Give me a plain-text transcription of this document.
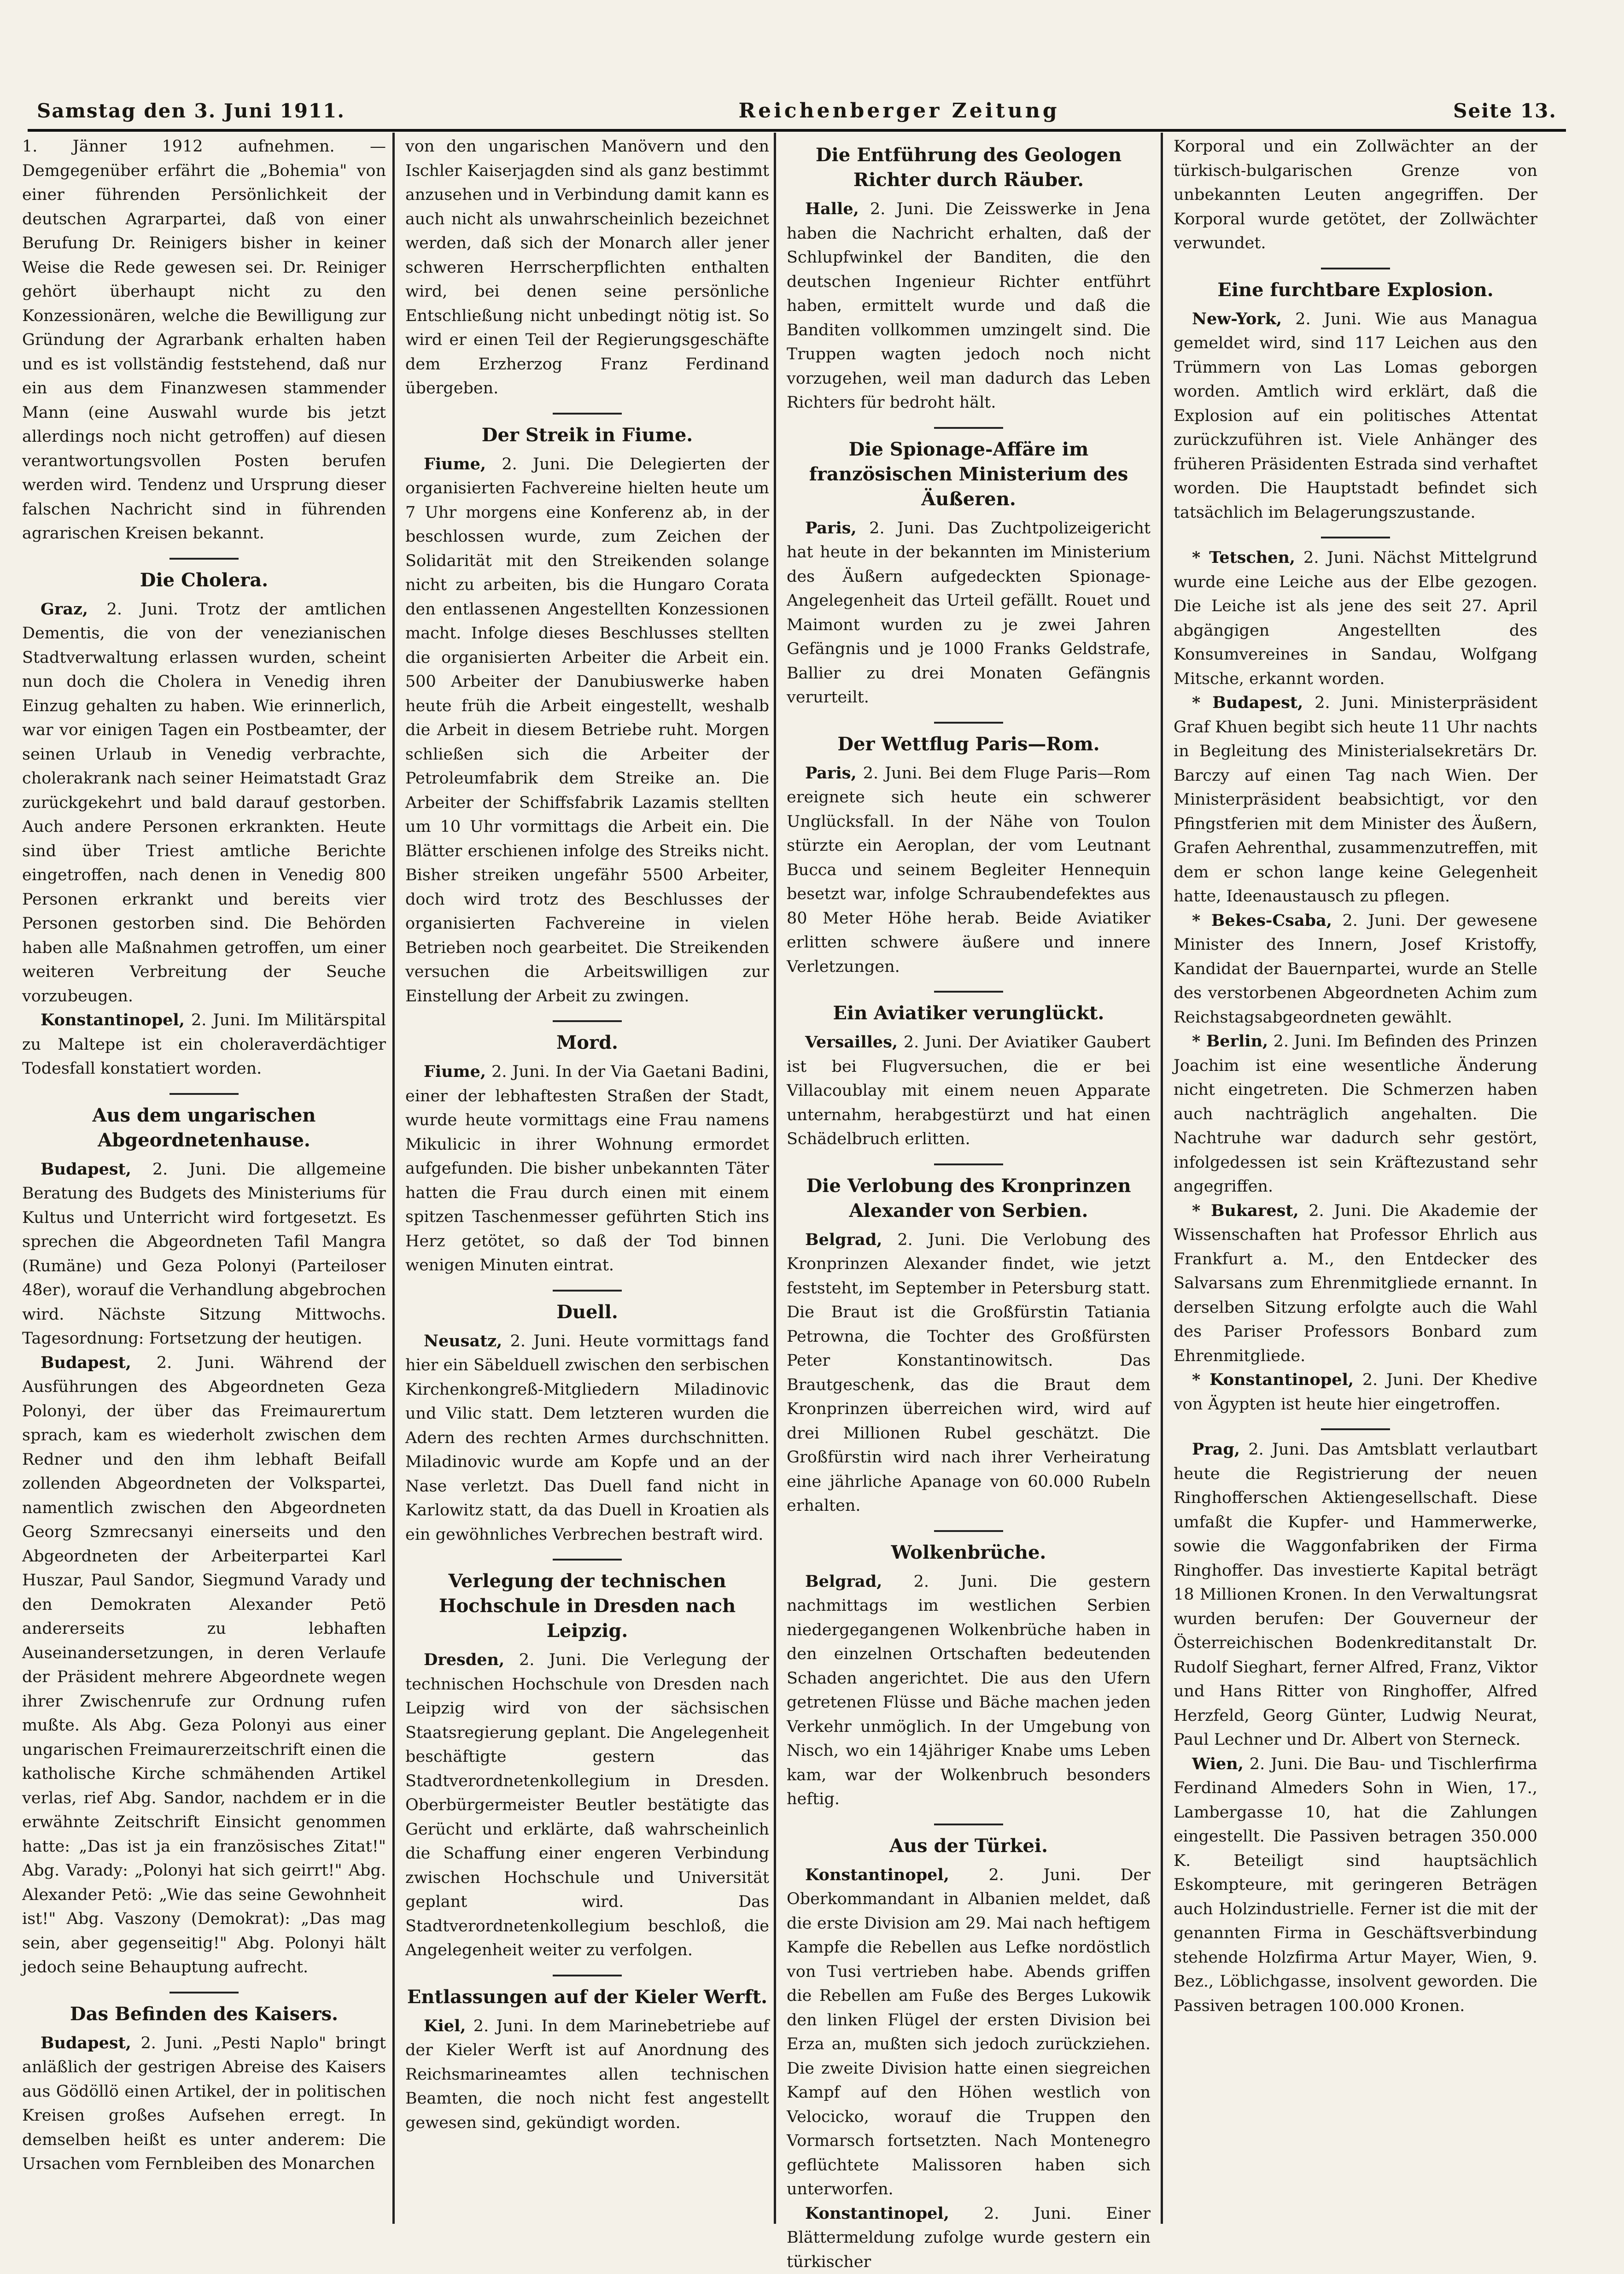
Samstag den 3. Juni 1911.	Reichenberger Zeitung	Seite 13.

1. Jänner 1912 aufnehmen. — Demgegenüber erfährt die „Bohemia" von einer führenden Persönlichkeit der deutschen Agrarpartei, daß von einer Berufung Dr. Reinigers bisher in keiner Weise die Rede gewesen sei. Dr. Reiniger gehört überhaupt nicht zu den Konzessionären, welche die Bewilligung zur Gründung der Agrarbank erhalten haben und es ist vollständig feststehend, daß nur ein aus dem Finanzwesen stammender Mann (eine Auswahl wurde bis jetzt allerdings noch nicht getroffen) auf diesen verantwortungsvollen Posten berufen werden wird. Tendenz und Ursprung dieser falschen Nachricht sind in führenden agrarischen Kreisen bekannt.

Die Cholera.

Graz, 2. Juni. Trotz der amtlichen Dementis, die von der venezianischen Stadtverwaltung erlassen wurden, scheint nun doch die Cholera in Venedig ihren Einzug gehalten zu haben. Wie erinnerlich, war vor einigen Tagen ein Postbeamter, der seinen Urlaub in Venedig verbrachte, cholerakrank nach seiner Heimatstadt Graz zurückgekehrt und bald darauf gestorben. Auch andere Personen erkrankten. Heute sind über Triest amtliche Berichte eingetroffen, nach denen in Venedig 800 Personen erkrankt und bereits vier Personen gestorben sind. Die Behörden haben alle Maßnahmen getroffen, um einer weiteren Verbreitung der Seuche vorzubeugen.

Konstantinopel, 2. Juni. Im Militärspital zu Maltepe ist ein choleraverdächtiger Todesfall konstatiert worden.

Aus dem ungarischen Abgeordnetenhause.

Budapest, 2. Juni. Die allgemeine Beratung des Budgets des Ministeriums für Kultus und Unterricht wird fortgesetzt. Es sprechen die Abgeordneten Tafil Mangra (Rumäne) und Geza Polonyi (Parteiloser 48er), worauf die Verhandlung abgebrochen wird. Nächste Sitzung Mittwochs. Tagesordnung: Fortsetzung der heutigen.

Budapest, 2. Juni. Während der Ausführungen des Abgeordneten Geza Polonyi, der über das Freimaurertum sprach, kam es wiederholt zwischen dem Redner und den ihm lebhaft Beifall zollenden Abgeordneten der Volkspartei, namentlich zwischen den Abgeordneten Georg Szmrecsanyi einerseits und den Abgeordneten der Arbeiterpartei Karl Huszar, Paul Sandor, Siegmund Varady und den Demokraten Alexander Petö andererseits zu lebhaften Auseinandersetzungen, in deren Verlaufe der Präsident mehrere Abgeordnete wegen ihrer Zwischenrufe zur Ordnung rufen mußte. Als Abg. Geza Polonyi aus einer ungarischen Freimaurerzeitschrift einen die katholische Kirche schmähenden Artikel verlas, rief Abg. Sandor, nachdem er in die erwähnte Zeitschrift Einsicht genommen hatte: „Das ist ja ein französisches Zitat!" Abg. Varady: „Polonyi hat sich geirrt!" Abg. Alexander Petö: „Wie das seine Gewohnheit ist!" Abg. Vaszony (Demokrat): „Das mag sein, aber gegenseitig!" Abg. Polonyi hält jedoch seine Behauptung aufrecht.

Das Befinden des Kaisers.

Budapest, 2. Juni. „Pesti Naplo" bringt anläßlich der gestrigen Abreise des Kaisers aus Gödöllö einen Artikel, der in politischen Kreisen großes Aufsehen erregt. In demselben heißt es unter anderem: Die Ursachen vom Fernbleiben des Monarchen

von den ungarischen Manövern und den Ischler Kaiserjagden sind als ganz bestimmt anzusehen und in Verbindung damit kann es auch nicht als unwahrscheinlich bezeichnet werden, daß sich der Monarch aller jener schweren Herrscherpflichten enthalten wird, bei denen seine persönliche Entschließung nicht unbedingt nötig ist. So wird er einen Teil der Regierungsgeschäfte dem Erzherzog Franz Ferdinand übergeben.

Der Streik in Fiume.

Fiume, 2. Juni. Die Delegierten der organisierten Fachvereine hielten heute um 7 Uhr morgens eine Konferenz ab, in der beschlossen wurde, zum Zeichen der Solidarität mit den Streikenden solange nicht zu arbeiten, bis die Hungaro Corata den entlassenen Angestellten Konzessionen macht. Infolge dieses Beschlusses stellten die organisierten Arbeiter die Arbeit ein. 500 Arbeiter der Danubiuswerke haben heute früh die Arbeit eingestellt, weshalb die Arbeit in diesem Betriebe ruht. Morgen schließen sich die Arbeiter der Petroleumfabrik dem Streike an. Die Arbeiter der Schiffsfabrik Lazamis stellten um 10 Uhr vormittags die Arbeit ein. Die Blätter erschienen infolge des Streiks nicht. Bisher streiken ungefähr 5500 Arbeiter, doch wird trotz des Beschlusses der organisierten Fachvereine in vielen Betrieben noch gearbeitet. Die Streikenden versuchen die Arbeitswilligen zur Einstellung der Arbeit zu zwingen.

Mord.

Fiume, 2. Juni. In der Via Gaetani Badini, einer der lebhaftesten Straßen der Stadt, wurde heute vormittags eine Frau namens Mikulicic in ihrer Wohnung ermordet aufgefunden. Die bisher unbekannten Täter hatten die Frau durch einen mit einem spitzen Taschenmesser geführten Stich ins Herz getötet, so daß der Tod binnen wenigen Minuten eintrat.

Duell.

Neusatz, 2. Juni. Heute vormittags fand hier ein Säbelduell zwischen den serbischen Kirchenkongreß-Mitgliedern Miladinovic und Vilic statt. Dem letzteren wurden die Adern des rechten Armes durchschnitten. Miladinovic wurde am Kopfe und an der Nase verletzt. Das Duell fand nicht in Karlowitz statt, da das Duell in Kroatien als ein gewöhnliches Verbrechen bestraft wird.

Verlegung der technischen Hochschule in Dresden nach Leipzig.

Dresden, 2. Juni. Die Verlegung der technischen Hochschule von Dresden nach Leipzig wird von der sächsischen Staatsregierung geplant. Die Angelegenheit beschäftigte gestern das Stadtverordnetenkollegium in Dresden. Oberbürgermeister Beutler bestätigte das Gerücht und erklärte, daß wahrscheinlich die Schaffung einer engeren Verbindung zwischen Hochschule und Universität geplant wird. Das Stadtverordnetenkollegium beschloß, die Angelegenheit weiter zu verfolgen.

Entlassungen auf der Kieler Werft.

Kiel, 2. Juni. In dem Marinebetriebe auf der Kieler Werft ist auf Anordnung des Reichsmarineamtes allen technischen Beamten, die noch nicht fest angestellt gewesen sind, gekündigt worden.

Die Entführung des Geologen Richter durch Räuber.

Halle, 2. Juni. Die Zeisswerke in Jena haben die Nachricht erhalten, daß der Schlupfwinkel der Banditen, die den deutschen Ingenieur Richter entführt haben, ermittelt wurde und daß die Banditen vollkommen umzingelt sind. Die Truppen wagten jedoch noch nicht vorzugehen, weil man dadurch das Leben Richters für bedroht hält.

Die Spionage-Affäre im französischen Ministerium des Äußeren.

Paris, 2. Juni. Das Zuchtpolizeigericht hat heute in der bekannten im Ministerium des Äußern aufgedeckten Spionage-Angelegenheit das Urteil gefällt. Rouet und Maimont wurden zu je zwei Jahren Gefängnis und je 1000 Franks Geldstrafe, Ballier zu drei Monaten Gefängnis verurteilt.

Der Wettflug Paris—Rom.

Paris, 2. Juni. Bei dem Fluge Paris—Rom ereignete sich heute ein schwerer Unglücksfall. In der Nähe von Toulon stürzte ein Aeroplan, der vom Leutnant Bucca und seinem Begleiter Hennequin besetzt war, infolge Schraubendefektes aus 80 Meter Höhe herab. Beide Aviatiker erlitten schwere äußere und innere Verletzungen.

Ein Aviatiker verunglückt.

Versailles, 2. Juni. Der Aviatiker Gaubert ist bei Flugversuchen, die er bei Villacoublay mit einem neuen Apparate unternahm, herabgestürzt und hat einen Schädelbruch erlitten.

Die Verlobung des Kronprinzen Alexander von Serbien.

Belgrad, 2. Juni. Die Verlobung des Kronprinzen Alexander findet, wie jetzt feststeht, im September in Petersburg statt. Die Braut ist die Großfürstin Tatiania Petrowna, die Tochter des Großfürsten Peter Konstantinowitsch. Das Brautgeschenk, das die Braut dem Kronprinzen überreichen wird, wird auf drei Millionen Rubel geschätzt. Die Großfürstin wird nach ihrer Verheiratung eine jährliche Apanage von 60.000 Rubeln erhalten.

Wolkenbrüche.

Belgrad, 2. Juni. Die gestern nachmittags im westlichen Serbien niedergegangenen Wolkenbrüche haben in den einzelnen Ortschaften bedeutenden Schaden angerichtet. Die aus den Ufern getretenen Flüsse und Bäche machen jeden Verkehr unmöglich. In der Umgebung von Nisch, wo ein 14jähriger Knabe ums Leben kam, war der Wolkenbruch besonders heftig.

Aus der Türkei.

Konstantinopel, 2. Juni. Der Oberkommandant in Albanien meldet, daß die erste Division am 29. Mai nach heftigem Kampfe die Rebellen aus Lefke nordöstlich von Tusi vertrieben habe. Abends griffen die Rebellen am Fuße des Berges Lukowik den linken Flügel der ersten Division bei Erza an, mußten sich jedoch zurückziehen. Die zweite Division hatte einen siegreichen Kampf auf den Höhen westlich von Velocicko, worauf die Truppen den Vormarsch fortsetzten. Nach Montenegro geflüchtete Malissoren haben sich unterworfen.

Konstantinopel, 2. Juni. Einer Blättermeldung zufolge wurde gestern ein türkischer

Korporal und ein Zollwächter an der türkisch-bulgarischen Grenze von unbekannten Leuten angegriffen. Der Korporal wurde getötet, der Zollwächter verwundet.

Eine furchtbare Explosion.

New-York, 2. Juni. Wie aus Managua gemeldet wird, sind 117 Leichen aus den Trümmern von Las Lomas geborgen worden. Amtlich wird erklärt, daß die Explosion auf ein politisches Attentat zurückzuführen ist. Viele Anhänger des früheren Präsidenten Estrada sind verhaftet worden. Die Hauptstadt befindet sich tatsächlich im Belagerungszustande.

* Tetschen, 2. Juni. Nächst Mittelgrund wurde eine Leiche aus der Elbe gezogen. Die Leiche ist als jene des seit 27. April abgängigen Angestellten des Konsumvereines in Sandau, Wolfgang Mitsche, erkannt worden.

* Budapest, 2. Juni. Ministerpräsident Graf Khuen begibt sich heute 11 Uhr nachts in Begleitung des Ministerialsekretärs Dr. Barczy auf einen Tag nach Wien. Der Ministerpräsident beabsichtigt, vor den Pfingstferien mit dem Minister des Äußern, Grafen Aehrenthal, zusammenzutreffen, mit dem er schon lange keine Gelegenheit hatte, Ideenaustausch zu pflegen.

* Bekes-Csaba, 2. Juni. Der gewesene Minister des Innern, Josef Kristoffy, Kandidat der Bauernpartei, wurde an Stelle des verstorbenen Abgeordneten Achim zum Reichstagsabgeordneten gewählt.

* Berlin, 2. Juni. Im Befinden des Prinzen Joachim ist eine wesentliche Änderung nicht eingetreten. Die Schmerzen haben auch nachträglich angehalten. Die Nachtruhe war dadurch sehr gestört, infolgedessen ist sein Kräftezustand sehr angegriffen.

* Bukarest, 2. Juni. Die Akademie der Wissenschaften hat Professor Ehrlich aus Frankfurt a. M., den Entdecker des Salvarsans zum Ehrenmitgliede ernannt. In derselben Sitzung erfolgte auch die Wahl des Pariser Professors Bonbard zum Ehrenmitgliede.

* Konstantinopel, 2. Juni. Der Khedive von Ägypten ist heute hier eingetroffen.

Prag, 2. Juni. Das Amtsblatt verlautbart heute die Registrierung der neuen Ringhofferschen Aktiengesellschaft. Diese umfaßt die Kupfer- und Hammerwerke, sowie die Waggonfabriken der Firma Ringhoffer. Das investierte Kapital beträgt 18 Millionen Kronen. In den Verwaltungsrat wurden berufen: Der Gouverneur der Österreichischen Bodenkreditanstalt Dr. Rudolf Sieghart, ferner Alfred, Franz, Viktor und Hans Ritter von Ringhoffer, Alfred Herzfeld, Georg Günter, Ludwig Neurat, Paul Lechner und Dr. Albert von Sterneck.

Wien, 2. Juni. Die Bau- und Tischlerfirma Ferdinand Almeders Sohn in Wien, 17., Lambergasse 10, hat die Zahlungen eingestellt. Die Passiven betragen 350.000 K. Beteiligt sind hauptsächlich Eskompteure, mit geringeren Beträgen auch Holzindustrielle. Ferner ist die mit der genannten Firma in Geschäftsverbindung stehende Holzfirma Artur Mayer, Wien, 9. Bez., Löblichgasse, insolvent geworden. Die Passiven betragen 100.000 Kronen.
